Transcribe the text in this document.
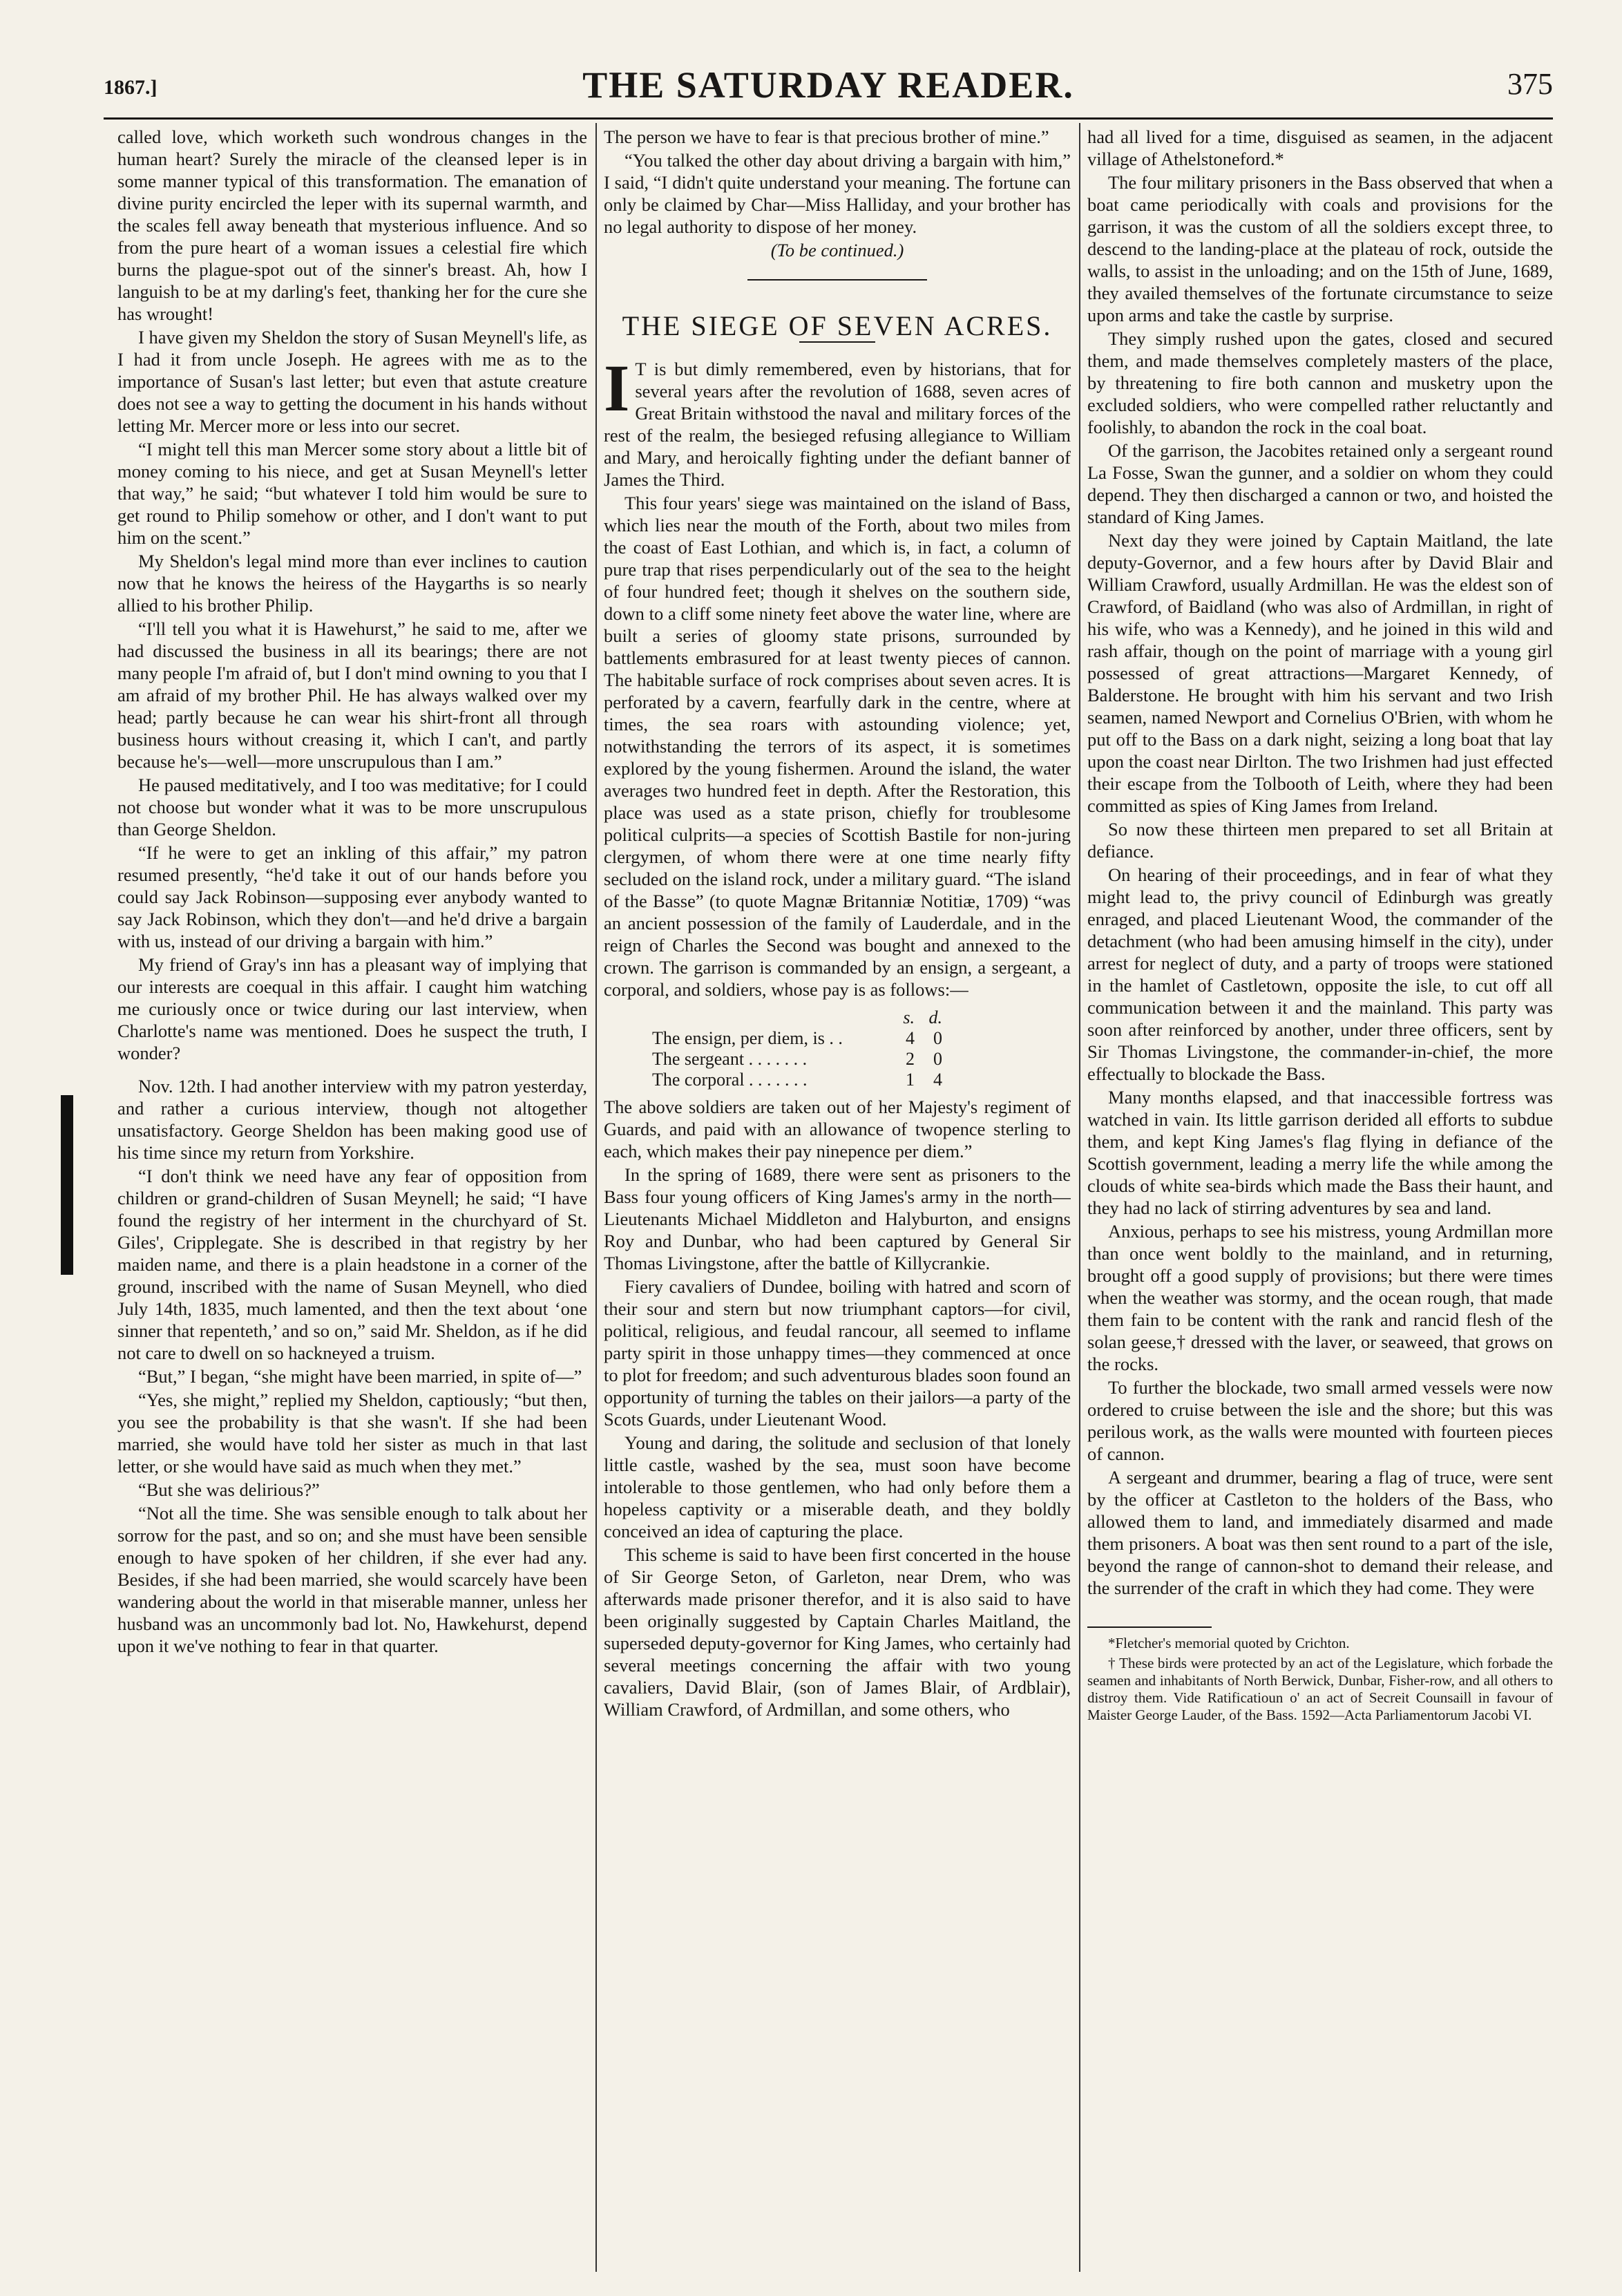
1867.]	THE SATURDAY READER.	375

called love, which worketh such wondrous changes in the human heart? Surely the miracle of the cleansed leper is in some manner typical of this transformation. The emanation of divine purity encircled the leper with its supernal warmth, and the scales fell away beneath that mysterious influence. And so from the pure heart of a woman issues a celestial fire which burns the plague-spot out of the sinner's breast. Ah, how I languish to be at my darling's feet, thanking her for the cure she has wrought!

I have given my Sheldon the story of Susan Meynell's life, as I had it from uncle Joseph. He agrees with me as to the importance of Susan's last letter; but even that astute creature does not see a way to getting the document in his hands without letting Mr. Mercer more or less into our secret.

“I might tell this man Mercer some story about a little bit of money coming to his niece, and get at Susan Meynell's letter that way,” he said; “but whatever I told him would be sure to get round to Philip somehow or other, and I don't want to put him on the scent.”

My Sheldon's legal mind more than ever inclines to caution now that he knows the heiress of the Haygarths is so nearly allied to his brother Philip.

“I'll tell you what it is Hawehurst,” he said to me, after we had discussed the business in all its bearings; there are not many people I'm afraid of, but I don't mind owning to you that I am afraid of my brother Phil. He has always walked over my head; partly because he can wear his shirt-front all through business hours without creasing it, which I can't, and partly because he's—well—more unscrupulous than I am.”

He paused meditatively, and I too was meditative; for I could not choose but wonder what it was to be more unscrupulous than George Sheldon.

“If he were to get an inkling of this affair,” my patron resumed presently, “he'd take it out of our hands before you could say Jack Robinson—supposing ever anybody wanted to say Jack Robinson, which they don't—and he'd drive a bargain with us, instead of our driving a bargain with him.”

My friend of Gray's inn has a pleasant way of implying that our interests are coequal in this affair. I caught him watching me curiously once or twice during our last interview, when Charlotte's name was mentioned. Does he suspect the truth, I wonder?

Nov. 12th. I had another interview with my patron yesterday, and rather a curious interview, though not altogether unsatisfactory. George Sheldon has been making good use of his time since my return from Yorkshire.

“I don't think we need have any fear of opposition from children or grand-children of Susan Meynell; he said; “I have found the registry of her interment in the churchyard of St. Giles', Cripplegate. She is described in that registry by her maiden name, and there is a plain headstone in a corner of the ground, inscribed with the name of Susan Meynell, who died July 14th, 1835, much lamented, and then the text about ‘one sinner that repenteth,’ and so on,” said Mr. Sheldon, as if he did not care to dwell on so hackneyed a truism.

“But,” I began, “she might have been married, in spite of—”

“Yes, she might,” replied my Sheldon, captiously; “but then, you see the probability is that she wasn't. If she had been married, she would have told her sister as much in that last letter, or she would have said as much when they met.”

“But she was delirious?”

“Not all the time. She was sensible enough to talk about her sorrow for the past, and so on; and she must have been sensible enough to have spoken of her children, if she ever had any. Besides, if she had been married, she would scarcely have been wandering about the world in that miserable manner, unless her husband was an uncommonly bad lot. No, Hawkehurst, depend upon it we've nothing to fear in that quarter.

The person we have to fear is that precious brother of mine.”

“You talked the other day about driving a bargain with him,” I said, “I didn't quite understand your meaning. The fortune can only be claimed by Char—Miss Halliday, and your brother has no legal authority to dispose of her money.

(To be continued.)

THE SIEGE OF SEVEN ACRES.

I T is but dimly remembered, even by historians, that for several years after the revolution of 1688, seven acres of Great Britain withstood the naval and military forces of the rest of the realm, the besieged refusing allegiance to William and Mary, and heroically fighting under the defiant banner of James the Third.

This four years' siege was maintained on the island of Bass, which lies near the mouth of the Forth, about two miles from the coast of East Lothian, and which is, in fact, a column of pure trap that rises perpendicularly out of the sea to the height of four hundred feet; though it shelves on the southern side, down to a cliff some ninety feet above the water line, where are built a series of gloomy state prisons, surrounded by battlements embrasured for at least twenty pieces of cannon. The habitable surface of rock comprises about seven acres. It is perforated by a cavern, fearfully dark in the centre, where at times, the sea roars with astounding violence; yet, notwithstanding the terrors of its aspect, it is sometimes explored by the young fishermen. Around the island, the water averages two hundred feet in depth. After the Restoration, this place was used as a state prison, chiefly for troublesome political culprits—a species of Scottish Bastile for non-juring clergymen, of whom there were at one time nearly fifty secluded on the island rock, under a military guard. “The island of the Basse” (to quote Magnæ Britanniæ Notitiæ, 1709) “was an ancient possession of the family of Lauderdale, and in the reign of Charles the Second was bought and annexed to the crown. The garrison is commanded by an ensign, a sergeant, a corporal, and soldiers, whose pay is as follows:—

	s.	d.
The ensign, per diem, is . .	4	0
The sergeant . . . . . . .	2	0
The corporal . . . . . . .	1	4

The above soldiers are taken out of her Majesty's regiment of Guards, and paid with an allowance of twopence sterling to each, which makes their pay ninepence per diem.”

In the spring of 1689, there were sent as prisoners to the Bass four young officers of King James's army in the north—Lieutenants Michael Middleton and Halyburton, and ensigns Roy and Dunbar, who had been captured by General Sir Thomas Livingstone, after the battle of Killycrankie.

Fiery cavaliers of Dundee, boiling with hatred and scorn of their sour and stern but now triumphant captors—for civil, political, religious, and feudal rancour, all seemed to inflame party spirit in those unhappy times—they commenced at once to plot for freedom; and such adventurous blades soon found an opportunity of turning the tables on their jailors—a party of the Scots Guards, under Lieutenant Wood.

Young and daring, the solitude and seclusion of that lonely little castle, washed by the sea, must soon have become intolerable to those gentlemen, who had only before them a hopeless captivity or a miserable death, and they boldly conceived an idea of capturing the place.

This scheme is said to have been first concerted in the house of Sir George Seton, of Garleton, near Drem, who was afterwards made prisoner therefor, and it is also said to have been originally suggested by Captain Charles Maitland, the superseded deputy-governor for King James, who certainly had several meetings concerning the affair with two young cavaliers, David Blair, (son of James Blair, of Ardblair), William Crawford, of Ardmillan, and some others, who

had all lived for a time, disguised as seamen, in the adjacent village of Athelstoneford.*

The four military prisoners in the Bass observed that when a boat came periodically with coals and provisions for the garrison, it was the custom of all the soldiers except three, to descend to the landing-place at the plateau of rock, outside the walls, to assist in the unloading; and on the 15th of June, 1689, they availed themselves of the fortunate circumstance to seize upon arms and take the castle by surprise.

They simply rushed upon the gates, closed and secured them, and made themselves completely masters of the place, by threatening to fire both cannon and musketry upon the excluded soldiers, who were compelled rather reluctantly and foolishly, to abandon the rock in the coal boat.

Of the garrison, the Jacobites retained only a sergeant round La Fosse, Swan the gunner, and a soldier on whom they could depend. They then discharged a cannon or two, and hoisted the standard of King James.

Next day they were joined by Captain Maitland, the late deputy-Governor, and a few hours after by David Blair and William Crawford, usually Ardmillan. He was the eldest son of Crawford, of Baidland (who was also of Ardmillan, in right of his wife, who was a Kennedy), and he joined in this wild and rash affair, though on the point of marriage with a young girl possessed of great attractions—Margaret Kennedy, of Balderstone. He brought with him his servant and two Irish seamen, named Newport and Cornelius O'Brien, with whom he put off to the Bass on a dark night, seizing a long boat that lay upon the coast near Dirlton. The two Irishmen had just effected their escape from the Tolbooth of Leith, where they had been committed as spies of King James from Ireland.

So now these thirteen men prepared to set all Britain at defiance.

On hearing of their proceedings, and in fear of what they might lead to, the privy council of Edinburgh was greatly enraged, and placed Lieutenant Wood, the commander of the detachment (who had been amusing himself in the city), under arrest for neglect of duty, and a party of troops were stationed in the hamlet of Castletown, opposite the isle, to cut off all communication between it and the mainland. This party was soon after reinforced by another, under three officers, sent by Sir Thomas Livingstone, the commander-in-chief, the more effectually to blockade the Bass.

Many months elapsed, and that inaccessible fortress was watched in vain. Its little garrison derided all efforts to subdue them, and kept King James's flag flying in defiance of the Scottish government, leading a merry life the while among the clouds of white sea-birds which made the Bass their haunt, and they had no lack of stirring adventures by sea and land.

Anxious, perhaps to see his mistress, young Ardmillan more than once went boldly to the mainland, and in returning, brought off a good supply of provisions; but there were times when the weather was stormy, and the ocean rough, that made them fain to be content with the rank and rancid flesh of the solan geese,† dressed with the laver, or seaweed, that grows on the rocks.

To further the blockade, two small armed vessels were now ordered to cruise between the isle and the shore; but this was perilous work, as the walls were mounted with fourteen pieces of cannon.

A sergeant and drummer, bearing a flag of truce, were sent by the officer at Castleton to the holders of the Bass, who allowed them to land, and immediately disarmed and made them prisoners. A boat was then sent round to a part of the isle, beyond the range of cannon-shot to demand their release, and the surrender of the craft in which they had come. They were

*Fletcher's memorial quoted by Crichton.

† These birds were protected by an act of the Legislature, which forbade the seamen and inhabitants of North Berwick, Dunbar, Fisher-row, and all others to distroy them. Vide Ratificatioun o' an act of Secreit Counsaill in favour of Maister George Lauder, of the Bass. 1592—Acta Parliamentorum Jacobi VI.
